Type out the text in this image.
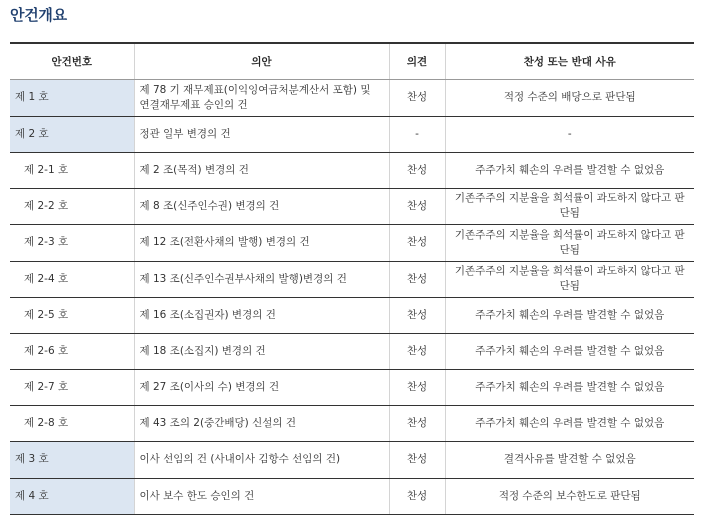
안건개요
안건번호	의안	의견	찬성 또는 반대 사유
제 1 호	제 78 기 재무제표(이익잉여금처분계산서 포함) 및 연결재무제표 승인의 건	찬성	적정 수준의 배당으로 판단됨
제 2 호	정관 일부 변경의 건	-	-
제 2-1 호	제 2 조(목적) 변경의 건	찬성	주주가치 훼손의 우려를 발견할 수 없었음
제 2-2 호	제 8 조(신주인수권) 변경의 건	찬성	기존주주의 지분율을 희석률이 과도하지 않다고 판단됨
제 2-3 호	제 12 조(전환사채의 발행) 변경의 건	찬성	기존주주의 지분율을 희석률이 과도하지 않다고 판단됨
제 2-4 호	제 13 조(신주인수권부사채의 발행)변경의 건	찬성	기존주주의 지분율을 희석률이 과도하지 않다고 판단됨
제 2-5 호	제 16 조(소집권자) 변경의 건	찬성	주주가치 훼손의 우려를 발견할 수 없었음
제 2-6 호	제 18 조(소집지) 변경의 건	찬성	주주가치 훼손의 우려를 발견할 수 없었음
제 2-7 호	제 27 조(이사의 수) 변경의 건	찬성	주주가치 훼손의 우려를 발견할 수 없었음
제 2-8 호	제 43 조의 2(중간배당) 신설의 건	찬성	주주가치 훼손의 우려를 발견할 수 없었음
제 3 호	이사 선임의 건 (사내이사 김항수 선임의 건)	찬성	결격사유를 발견할 수 없었음
제 4 호	이사 보수 한도 승인의 건	찬성	적정 수준의 보수한도로 판단됨
